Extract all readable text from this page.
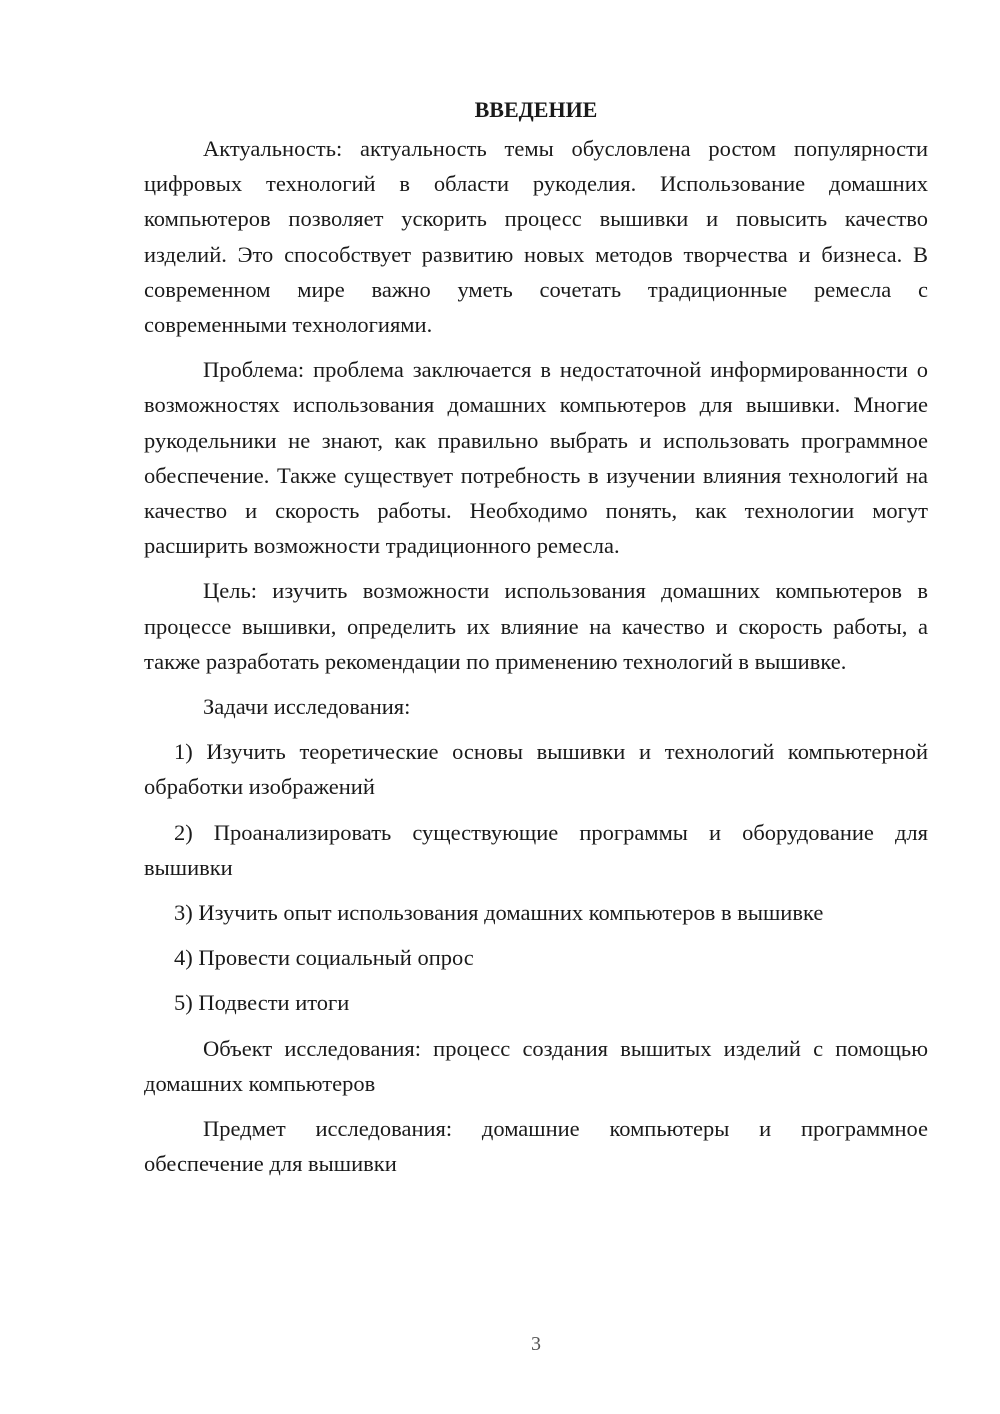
ВВЕДЕНИЕ

Актуальность: актуальность темы обусловлена ростом популярности цифровых технологий в области рукоделия. Использование домашних компьютеров позволяет ускорить процесс вышивки и повысить качество изделий. Это способствует развитию новых методов творчества и бизнеса. В современном мире важно уметь сочетать традиционные ремесла с современными технологиями.

Проблема: проблема заключается в недостаточной информированности о возможностях использования домашних компьютеров для вышивки. Многие рукодельники не знают, как правильно выбрать и использовать программное обеспечение. Также существует потребность в изучении влияния технологий на качество и скорость работы. Необходимо понять, как технологии могут расширить возможности традиционного ремесла.

Цель: изучить возможности использования домашних компьютеров в процессе вышивки, определить их влияние на качество и скорость работы, а также разработать рекомендации по применению технологий в вышивке.

Задачи исследования:

1) Изучить теоретические основы вышивки и технологий компьютерной обработки изображений

2) Проанализировать существующие программы и оборудование для вышивки

3) Изучить опыт использования домашних компьютеров в вышивке

4) Провести социальный опрос

5) Подвести итоги

Объект исследования: процесс создания вышитых изделий с помощью домашних компьютеров

Предмет исследования: домашние компьютеры и программное обеспечение для вышивки

3
